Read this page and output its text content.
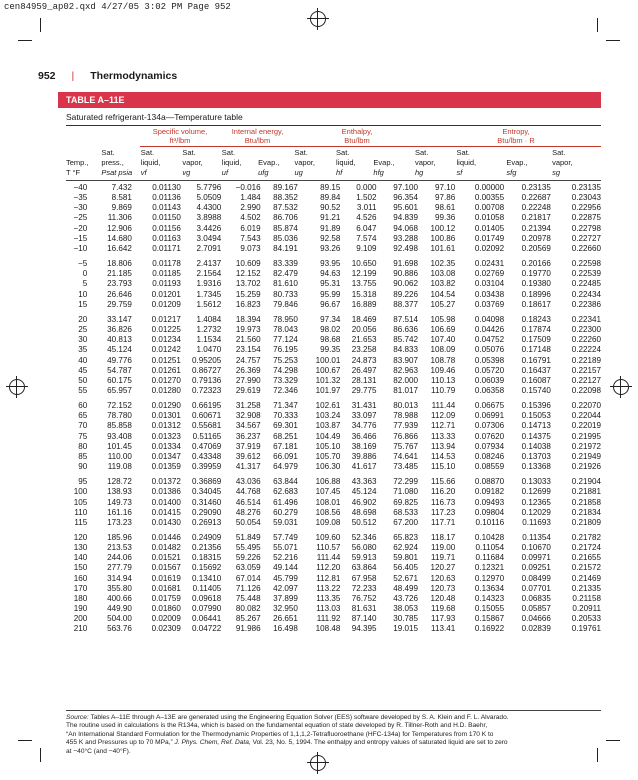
cen84959_ap02.qxd 4/27/05 3:02 PM Page 952
952 | Thermodynamics
TABLE A–11E
Saturated refrigerant-134a—Temperature table
Specific volume,
ft³/lbm
Internal energy,
Btu/lbm
Enthalpy,
Btu/lbm
Entropy,
Btu/lbm · R
	Sat.	Sat.	Sat.	Sat.		Sat.	Sat.		Sat.	Sat.		Sat.
Temp.,	press.,	liquid,	vapor,	liquid,	Evap.,	vapor,	liquid,	Evap.,	vapor,	liquid,	Evap.,	vapor,
T °F	Psat psia	vf	vg	uf	ufg	ug	hf	hfg	hg	sf	sfg	sg
−40	7.432	0.01130	5.7796	−0.016	89.167	89.15	0.000	97.100	97.10	0.00000	0.23135	0.23135
−35	8.581	0.01136	5.0509	1.484	88.352	89.84	1.502	96.354	97.86	0.00355	0.22687	0.23043
−30	9.869	0.01143	4.4300	2.990	87.532	90.52	3.011	95.601	98.61	0.00708	0.22248	0.22956
−25	11.306	0.01150	3.8988	4.502	86.706	91.21	4.526	94.839	99.36	0.01058	0.21817	0.22875
−20	12.906	0.01156	3.4426	6.019	85.874	91.89	6.047	94.068	100.12	0.01405	0.21394	0.22798
−15	14.680	0.01163	3.0494	7.543	85.036	92.58	7.574	93.288	100.86	0.01749	0.20978	0.22727
−10	16.642	0.01171	2.7091	9.073	84.191	93.26	9.109	92.498	101.61	0.02092	0.20569	0.22660

−5	18.806	0.01178	2.4137	10.609	83.339	93.95	10.650	91.698	102.35	0.02431	0.20166	0.22598
0	21.185	0.01185	2.1564	12.152	82.479	94.63	12.199	90.886	103.08	0.02769	0.19770	0.22539
5	23.793	0.01193	1.9316	13.702	81.610	95.31	13.755	90.062	103.82	0.03104	0.19380	0.22485
10	26.646	0.01201	1.7345	15.259	80.733	95.99	15.318	89.226	104.54	0.03438	0.18996	0.22434
15	29.759	0.01209	1.5612	16.823	79.846	96.67	16.889	88.377	105.27	0.03769	0.18617	0.22386

20	33.147	0.01217	1.4084	18.394	78.950	97.34	18.469	87.514	105.98	0.04098	0.18243	0.22341
25	36.826	0.01225	1.2732	19.973	78.043	98.02	20.056	86.636	106.69	0.04426	0.17874	0.22300
30	40.813	0.01234	1.1534	21.560	77.124	98.68	21.653	85.742	107.40	0.04752	0.17509	0.22260
35	45.124	0.01242	1.0470	23.154	76.195	99.35	23.258	84.833	108.09	0.05076	0.17148	0.22224
40	49.776	0.01251	0.95205	24.757	75.253	100.01	24.873	83.907	108.78	0.05398	0.16791	0.22189
45	54.787	0.01261	0.86727	26.369	74.298	100.67	26.497	82.963	109.46	0.05720	0.16437	0.22157
50	60.175	0.01270	0.79136	27.990	73.329	101.32	28.131	82.000	110.13	0.06039	0.16087	0.22127
55	65.957	0.01280	0.72323	29.619	72.346	101.97	29.775	81.017	110.79	0.06358	0.15740	0.22098

60	72.152	0.01290	0.66195	31.258	71.347	102.61	31.431	80.013	111.44	0.06675	0.15396	0.22070
65	78.780	0.01301	0.60671	32.908	70.333	103.24	33.097	78.988	112.09	0.06991	0.15053	0.22044
70	85.858	0.01312	0.55681	34.567	69.301	103.87	34.776	77.939	112.71	0.07306	0.14713	0.22019
75	93.408	0.01323	0.51165	36.237	68.251	104.49	36.466	76.866	113.33	0.07620	0.14375	0.21995
80	101.45	0.01334	0.47069	37.919	67.181	105.10	38.169	75.767	113.94	0.07934	0.14038	0.21972
85	110.00	0.01347	0.43348	39.612	66.091	105.70	39.886	74.641	114.53	0.08246	0.13703	0.21949
90	119.08	0.01359	0.39959	41.317	64.979	106.30	41.617	73.485	115.10	0.08559	0.13368	0.21926

95	128.72	0.01372	0.36869	43.036	63.844	106.88	43.363	72.299	115.66	0.08870	0.13033	0.21904
100	138.93	0.01386	0.34045	44.768	62.683	107.45	45.124	71.080	116.20	0.09182	0.12699	0.21881
105	149.73	0.01400	0.31460	46.514	61.496	108.01	46.902	69.825	116.73	0.09493	0.12365	0.21858
110	161.16	0.01415	0.29090	48.276	60.279	108.56	48.698	68.533	117.23	0.09804	0.12029	0.21834
115	173.23	0.01430	0.26913	50.054	59.031	109.08	50.512	67.200	117.71	0.10116	0.11693	0.21809

120	185.96	0.01446	0.24909	51.849	57.749	109.60	52.346	65.823	118.17	0.10428	0.11354	0.21782
130	213.53	0.01482	0.21356	55.495	55.071	110.57	56.080	62.924	119.00	0.11054	0.10670	0.21724
140	244.06	0.01521	0.18315	59.226	52.216	111.44	59.913	59.801	119.71	0.11684	0.09971	0.21655
150	277.79	0.01567	0.15692	63.059	49.144	112.20	63.864	56.405	120.27	0.12321	0.09251	0.21572
160	314.94	0.01619	0.13410	67.014	45.799	112.81	67.958	52.671	120.63	0.12970	0.08499	0.21469
170	355.80	0.01681	0.11405	71.126	42.097	113.22	72.233	48.499	120.73	0.13634	0.07701	0.21335
180	400.66	0.01759	0.09618	75.448	37.899	113.35	76.752	43.726	120.48	0.14323	0.06835	0.21158
190	449.90	0.01860	0.07990	80.082	32.950	113.03	81.631	38.053	119.68	0.15055	0.05857	0.20911
200	504.00	0.02009	0.06441	85.267	26.651	111.92	87.140	30.785	117.93	0.15867	0.04666	0.20533
210	563.76	0.02309	0.04722	91.986	16.498	108.48	94.395	19.015	113.41	0.16922	0.02839	0.19761
Source: Tables A–11E through A–13E are generated using the Engineering Equation Solver (EES) software developed by S. A. Klein and F. L. Alvarado.
The routine used in calculations is the R134a, which is based on the fundamental equation of state developed by R. Tillner-Roth and H.D. Baehr,
“An International Standard Formulation for the Thermodynamic Properties of 1,1,1,2-Tetrafluoroethane (HFC-134a) for Temperatures from 170 K to
455 K and Pressures up to 70 MPa,” J. Phys. Chem, Ref. Data, Vol. 23, No. 5, 1994. The enthalpy and entropy values of saturated liquid are set to zero
at −40°C (and −40°F).
